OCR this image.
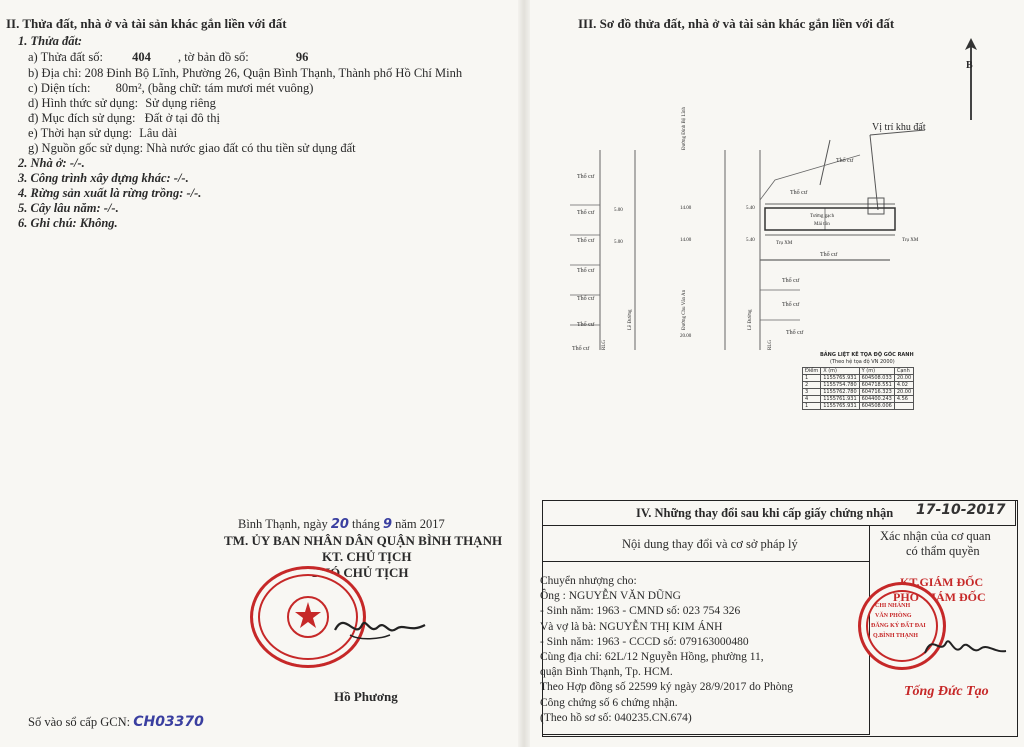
II. Thửa đất, nhà ở và tài sản khác gắn liền với đất
1. Thửa đất:
a) Thửa đất số: 404 , tờ bản đồ số:	96
b) Địa chỉ: 208 Đinh Bộ Lĩnh, Phường 26, Quận Bình Thạnh, Thành phố Hồ Chí Minh
c) Diện tích: 80m², (bằng chữ: tám mươi mét vuông)
d) Hình thức sử dụng: Sử dụng riêng
đ) Mục đích sử dụng: Đất ở tại đô thị
e) Thời hạn sử dụng: Lâu dài
g) Nguồn gốc sử dụng: Nhà nước giao đất có thu tiền sử dụng đất
2. Nhà ở: -/-.
3. Công trình xây dựng khác: -/-.
4. Rừng sản xuất là rừng trồng: -/-.
5. Cây lâu năm: -/-.
6. Ghi chú: Không.
Bình Thạnh, ngày 20 tháng 9 năm 2017
TM. ỦY BAN NHÂN DÂN QUẬN BÌNH THẠNH
KT. CHỦ TỊCH
PHÓ CHỦ TỊCH
Hồ Phương
Số vào sổ cấp GCN: CH03370
III. Sơ đồ thửa đất, nhà ở và tài sản khác gắn liền với đất
B
Vị trí khu đất
Thổ cư
Thổ cư
Thổ cư
Thổ cư
Thổ cư
Thổ cư
Thổ cư
Thổ cư
Thổ cư
Thổ cư
Thổ cư
Thổ cư
Thổ cư
Đường Đinh Bộ Lĩnh
Đường Chu Văn An
Lề Đường	Lề Đường
RLG	RLG
14.00
14.00
20.00
5.00
5.00
5.40
5.40
Tường gạch
Mái tôn
Trụ XM
Trụ XM
BẢNG LIỆT KÊ TỌA ĐỘ GÓC RANH
(Theo hệ tọa độ VN 2000)
Điểm	X (m)	Y (m)	Cạnh
1	1155765.931	604508.033	20.00
2	1155754.780	604718.551	4.02
3	1155762.780	604716.323	20.00
4	1155761.931	604400.243	4.56
1	1155765.931	604508.006	
IV. Những thay đổi sau khi cấp giấy chứng nhận 17-10-2017
Nội dung thay đổi và cơ sở pháp lý
Xác nhận của cơ quan
có thẩm quyền
Chuyển nhượng cho:
Ông : NGUYỄN VĂN DŨNG
- Sinh năm: 1963 - CMND số: 023 754 326
Và vợ là bà: NGUYỄN THỊ KIM ÁNH
- Sinh năm: 1963 - CCCD số: 079163000480
Cùng địa chỉ: 62L/12 Nguyễn Hồng, phường 11,
quận Bình Thạnh, Tp. HCM.
Theo Hợp đồng số 22599 ký ngày 28/9/2017 do Phòng
Công chứng số 6 chứng nhận.
(Theo hồ sơ số: 040235.CN.674)
KT.GIÁM ĐỐC
PHÓ GIÁM ĐỐC
CHI NHÁNH
VĂN PHÒNG
ĐĂNG KÝ ĐẤT ĐAI
Q.BÌNH THẠNH
Tống Đức Tạo
